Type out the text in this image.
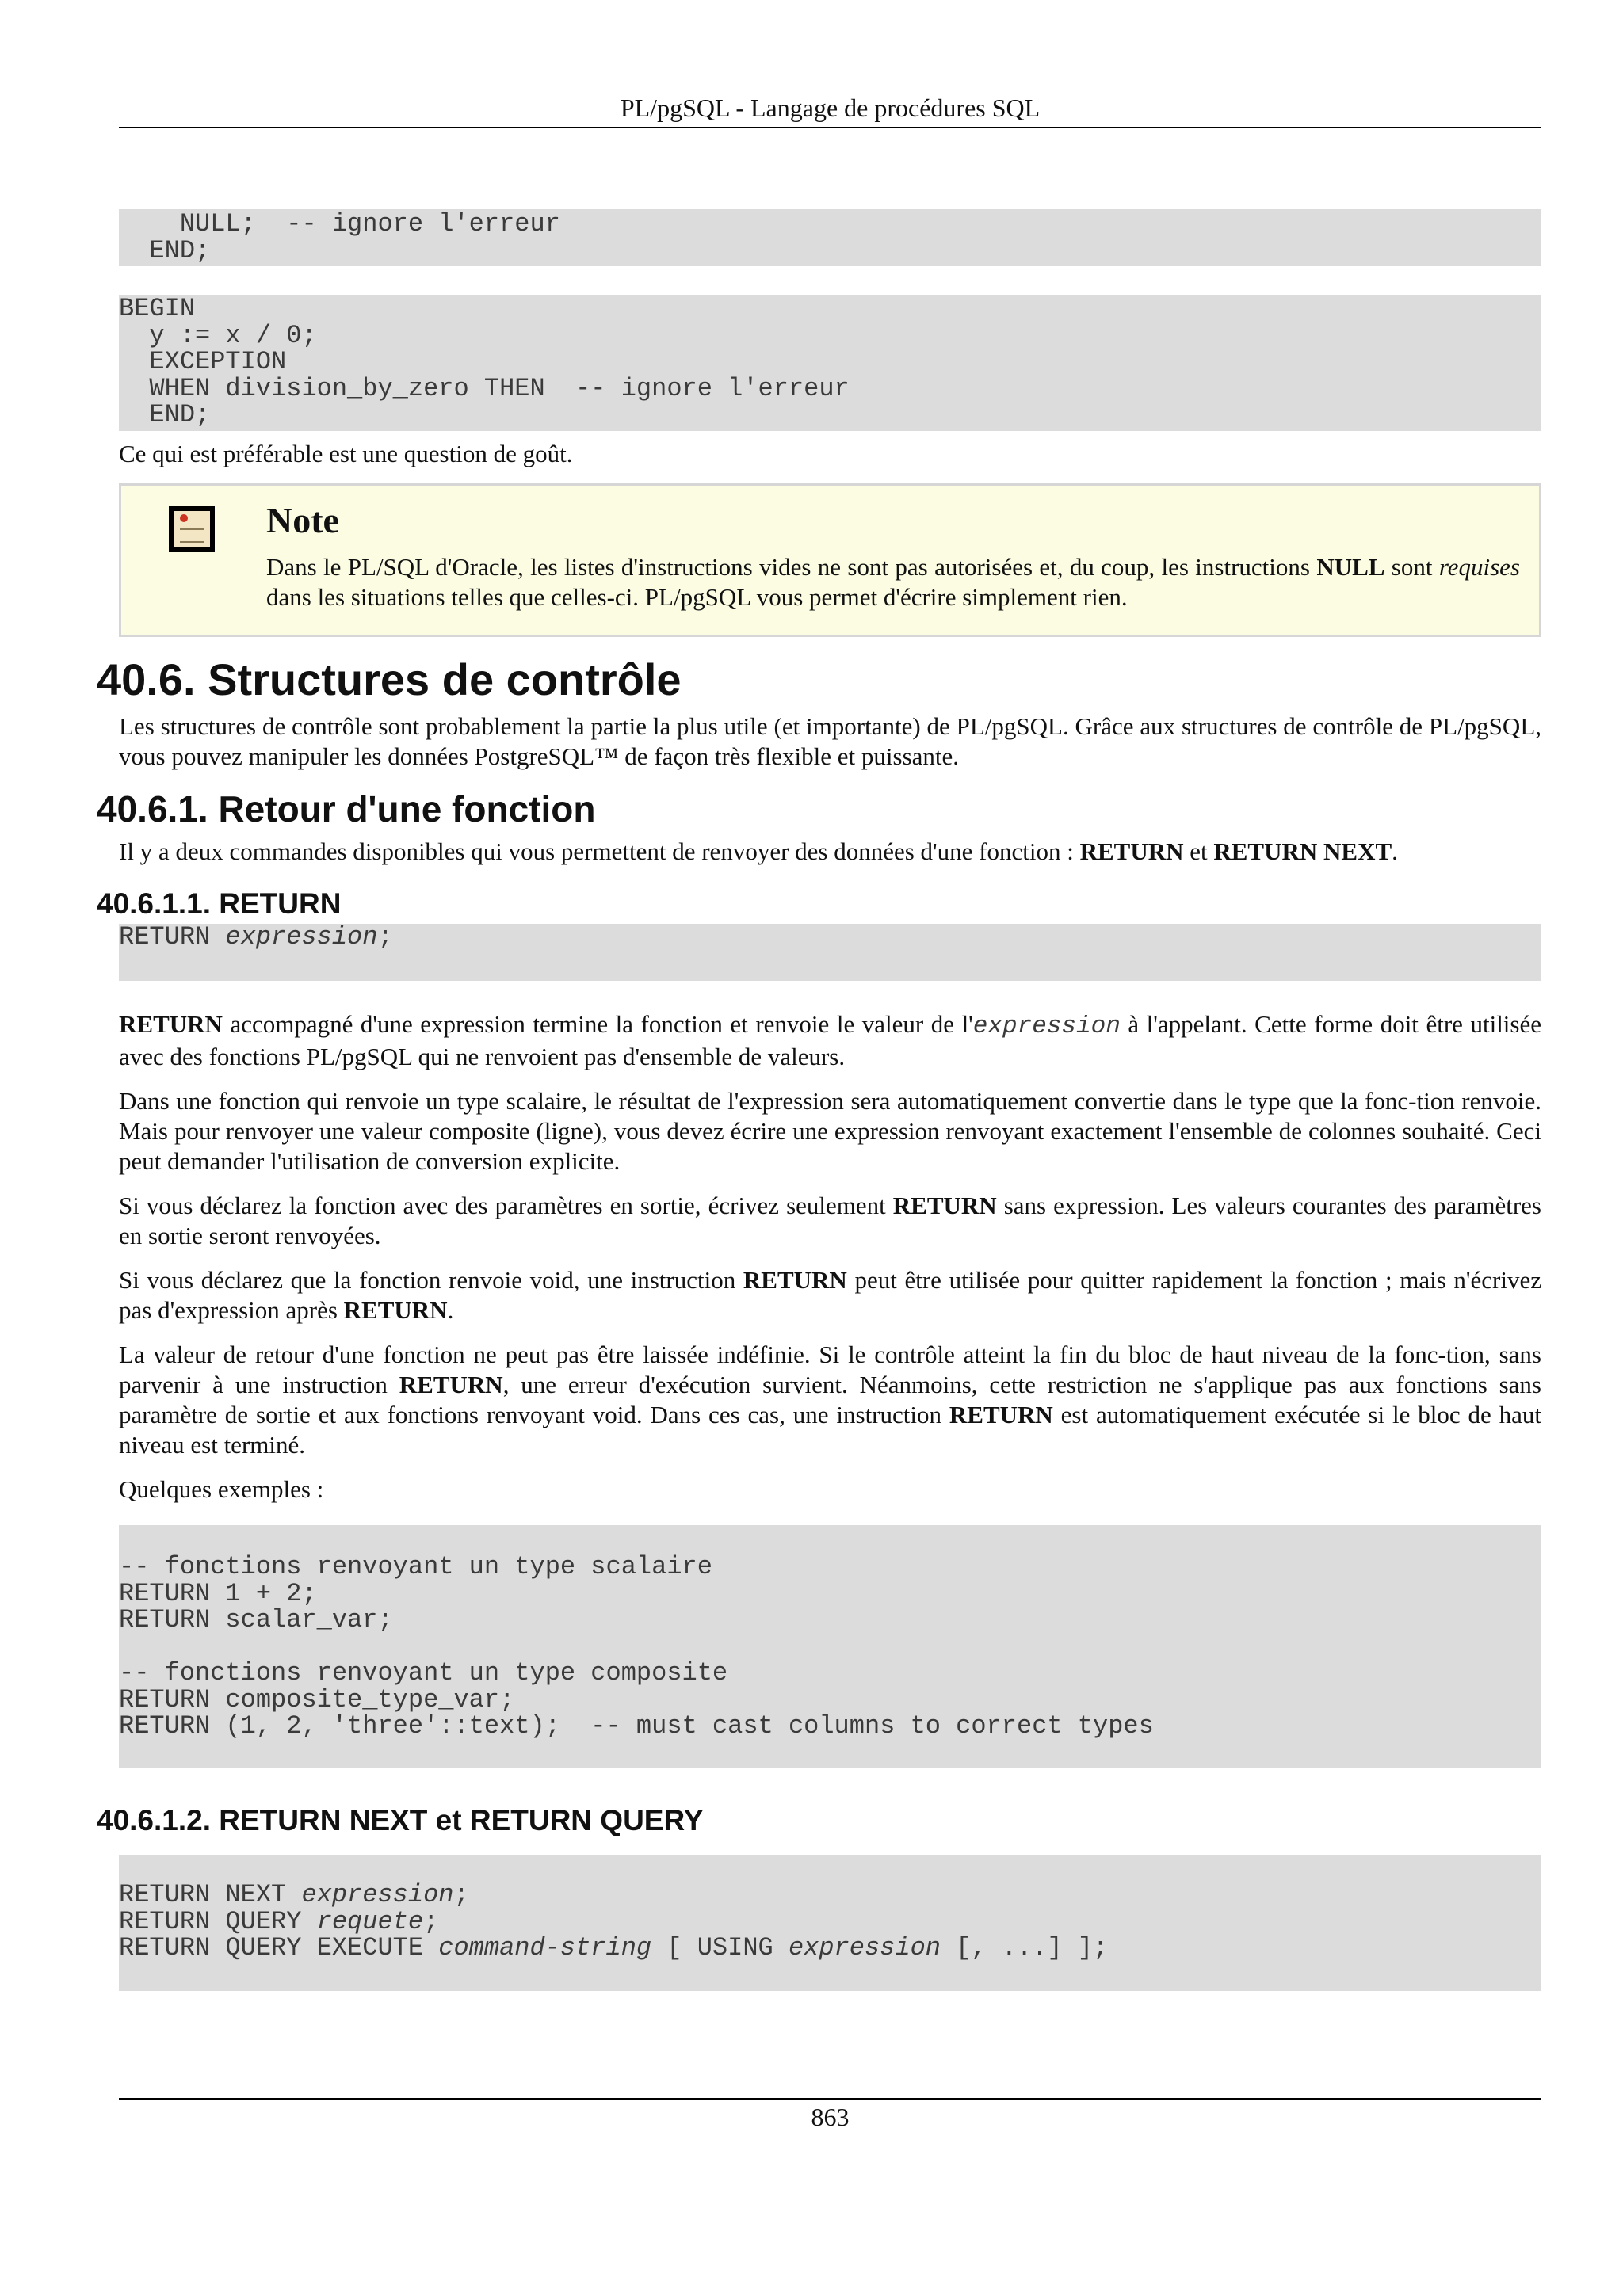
PL/pgSQL - Langage de procédures SQL
NULL;  -- ignore l'erreur
END;
BEGIN
y := x / 0;
EXCEPTION
WHEN division_by_zero THEN  -- ignore l'erreur
END;

Ce qui est préférable est une question de goût.

Note
Dans le PL/SQL d'Oracle, les listes d'instructions vides ne sont pas autorisées et, du coup, les instructions NULL sont requises dans les situations telles que celles-ci. PL/pgSQL vous permet d'écrire simplement rien.
40.6. Structures de contrôle

Les structures de contrôle sont probablement la partie la plus utile (et importante) de PL/pgSQL. Grâce aux structures de contrôle de PL/pgSQL, vous pouvez manipuler les données PostgreSQL™ de façon très flexible et puissante.

40.6.1. Retour d'une fonction

Il y a deux commandes disponibles qui vous permettent de renvoyer des données d'une fonction : RETURN et RETURN NEXT.

40.6.1.1. RETURN
RETURN expression;

RETURN accompagné d'une expression termine la fonction et renvoie le valeur de l'expression à l'appelant. Cette forme doit être utilisée avec des fonctions PL/pgSQL qui ne renvoient pas d'ensemble de valeurs.

Dans une fonction qui renvoie un type scalaire, le résultat de l'expression sera automatiquement convertie dans le type que la fonc-tion renvoie. Mais pour renvoyer une valeur composite (ligne), vous devez écrire une expression renvoyant exactement l'ensemble de colonnes souhaité. Ceci peut demander l'utilisation de conversion explicite.

Si vous déclarez la fonction avec des paramètres en sortie, écrivez seulement RETURN sans expression. Les valeurs courantes des paramètres en sortie seront renvoyées.

Si vous déclarez que la fonction renvoie void, une instruction RETURN peut être utilisée pour quitter rapidement la fonction ; mais n'écrivez pas d'expression après RETURN.

La valeur de retour d'une fonction ne peut pas être laissée indéfinie. Si le contrôle atteint la fin du bloc de haut niveau de la fonc-tion, sans parvenir à une instruction RETURN, une erreur d'exécution survient. Néanmoins, cette restriction ne s'applique pas aux fonctions sans paramètre de sortie et aux fonctions renvoyant void. Dans ces cas, une instruction RETURN est automatiquement exécutée si le bloc de haut niveau est terminé.

Quelques exemples :

-- fonctions renvoyant un type scalaire
RETURN 1 + 2;
RETURN scalar_var;

-- fonctions renvoyant un type composite
RETURN composite_type_var;
RETURN (1, 2, 'three'::text);  -- must cast columns to correct types
40.6.1.2. RETURN NEXT et RETURN QUERY
RETURN NEXT expression;
RETURN QUERY requete;
RETURN QUERY EXECUTE command-string [ USING expression [, ...] ];
863
